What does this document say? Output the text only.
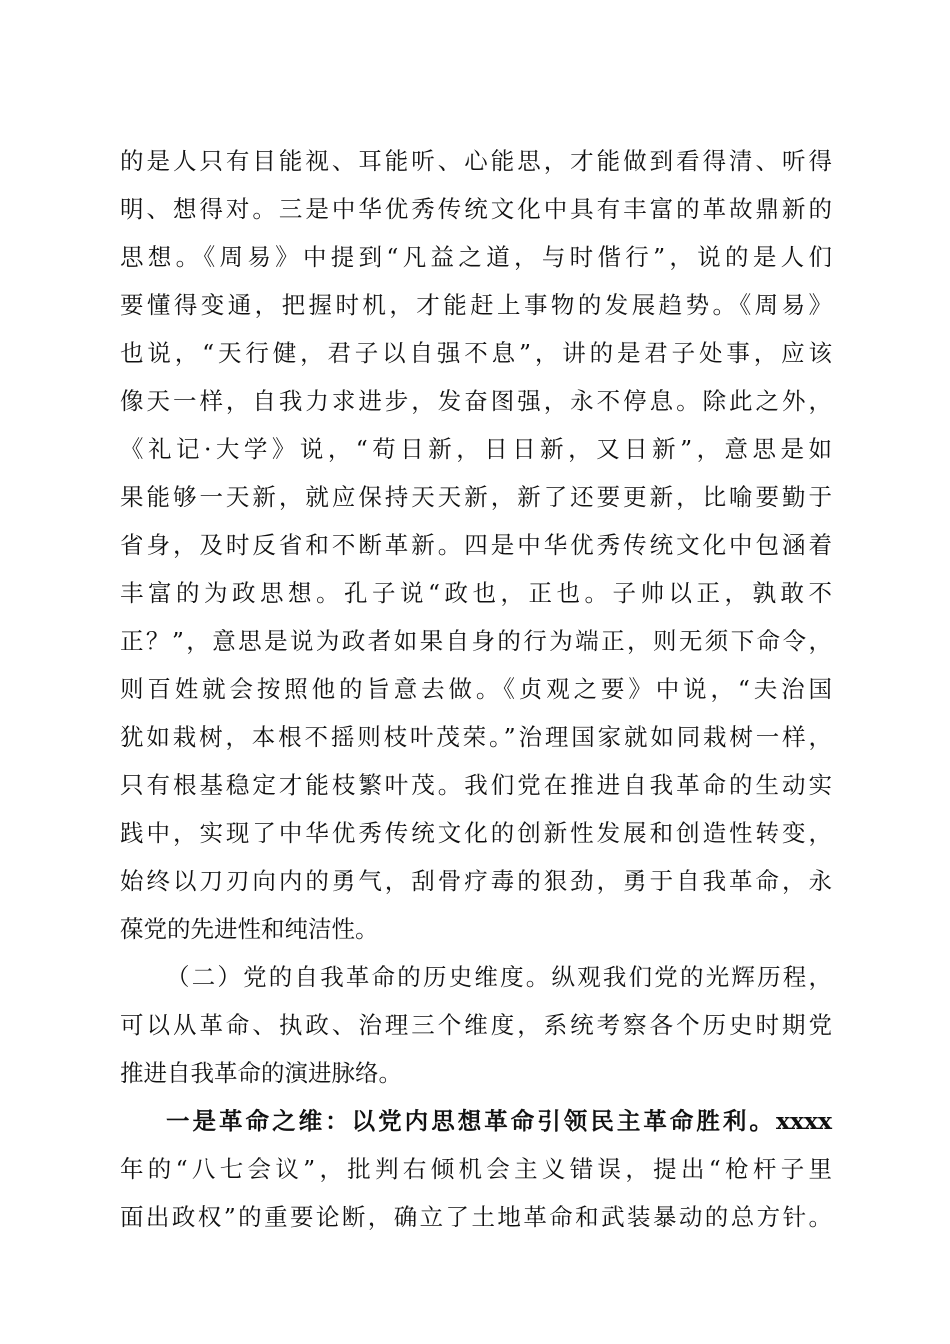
的是人只有目能视、耳能听、心能思，才能做到看得清、听得

明、想得对。三是中华优秀传统文化中具有丰富的革故鼎新的

思想。《周易》中提到“凡益之道，与时偕行”，说的是人们

要懂得变通，把握时机，才能赶上事物的发展趋势。《周易》

也说，“天行健，君子以自强不息”，讲的是君子处事，应该

像天一样，自我力求进步，发奋图强，永不停息。除此之外，

《礼记·大学》说，“苟日新，日日新，又日新”，意思是如

果能够一天新，就应保持天天新，新了还要更新，比喻要勤于

省身，及时反省和不断革新。四是中华优秀传统文化中包涵着

丰富的为政思想。孔子说“政也，正也。子帅以正，孰敢不

正？”，意思是说为政者如果自身的行为端正，则无须下命令，

则百姓就会按照他的旨意去做。《贞观之要》中说，“夫治国

犹如栽树，本根不摇则枝叶茂荣。”治理国家就如同栽树一样，

只有根基稳定才能枝繁叶茂。我们党在推进自我革命的生动实

践中，实现了中华优秀传统文化的创新性发展和创造性转变，

始终以刀刃向内的勇气，刮骨疗毒的狠劲，勇于自我革命，永

葆党的先进性和纯洁性。

（二）党的自我革命的历史维度。纵观我们党的光辉历程，

可以从革命、执政、治理三个维度，系统考察各个历史时期党

推进自我革命的演进脉络。

一是革命之维：以党内思想革命引领民主革命胜利。xxxx

年的“八七会议”，批判右倾机会主义错误，提出“枪杆子里

面出政权”的重要论断，确立了土地革命和武装暴动的总方针。
